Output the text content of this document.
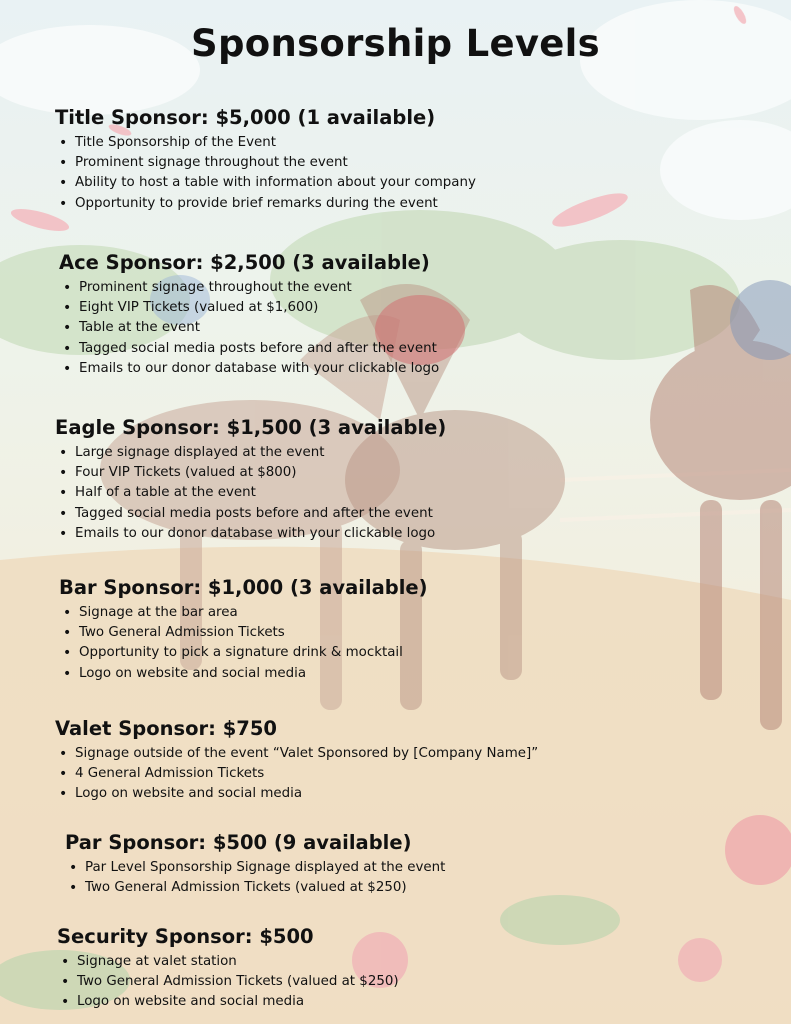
Sponsorship Levels
Title Sponsor: $5,000 (1 available)
• Title Sponsorship of the Event
• Prominent signage throughout the event
• Ability to host a table with information about your company
• Opportunity to provide brief remarks during the event
Ace Sponsor: $2,500 (3 available)
• Prominent signage throughout the event
• Eight VIP Tickets (valued at $1,600)
• Table at the event
• Tagged social media posts before and after the event
• Emails to our donor database with your clickable logo
Eagle Sponsor: $1,500 (3 available)
• Large signage displayed at the event
• Four VIP Tickets (valued at $800)
• Half of a table at the event
• Tagged social media posts before and after the event
• Emails to our donor database with your clickable logo
Bar Sponsor: $1,000 (3 available)
• Signage at the bar area
• Two General Admission Tickets
• Opportunity to pick a signature drink & mocktail
• Logo on website and social media
Valet Sponsor: $750
• Signage outside of the event “Valet Sponsored by [Company Name]”
• 4 General Admission Tickets
• Logo on website and social media
Par Sponsor: $500 (9 available)
• Par Level Sponsorship Signage displayed at the event
• Two General Admission Tickets (valued at $250)
Security Sponsor: $500
• Signage at valet station
• Two General Admission Tickets (valued at $250)
• Logo on website and social media
